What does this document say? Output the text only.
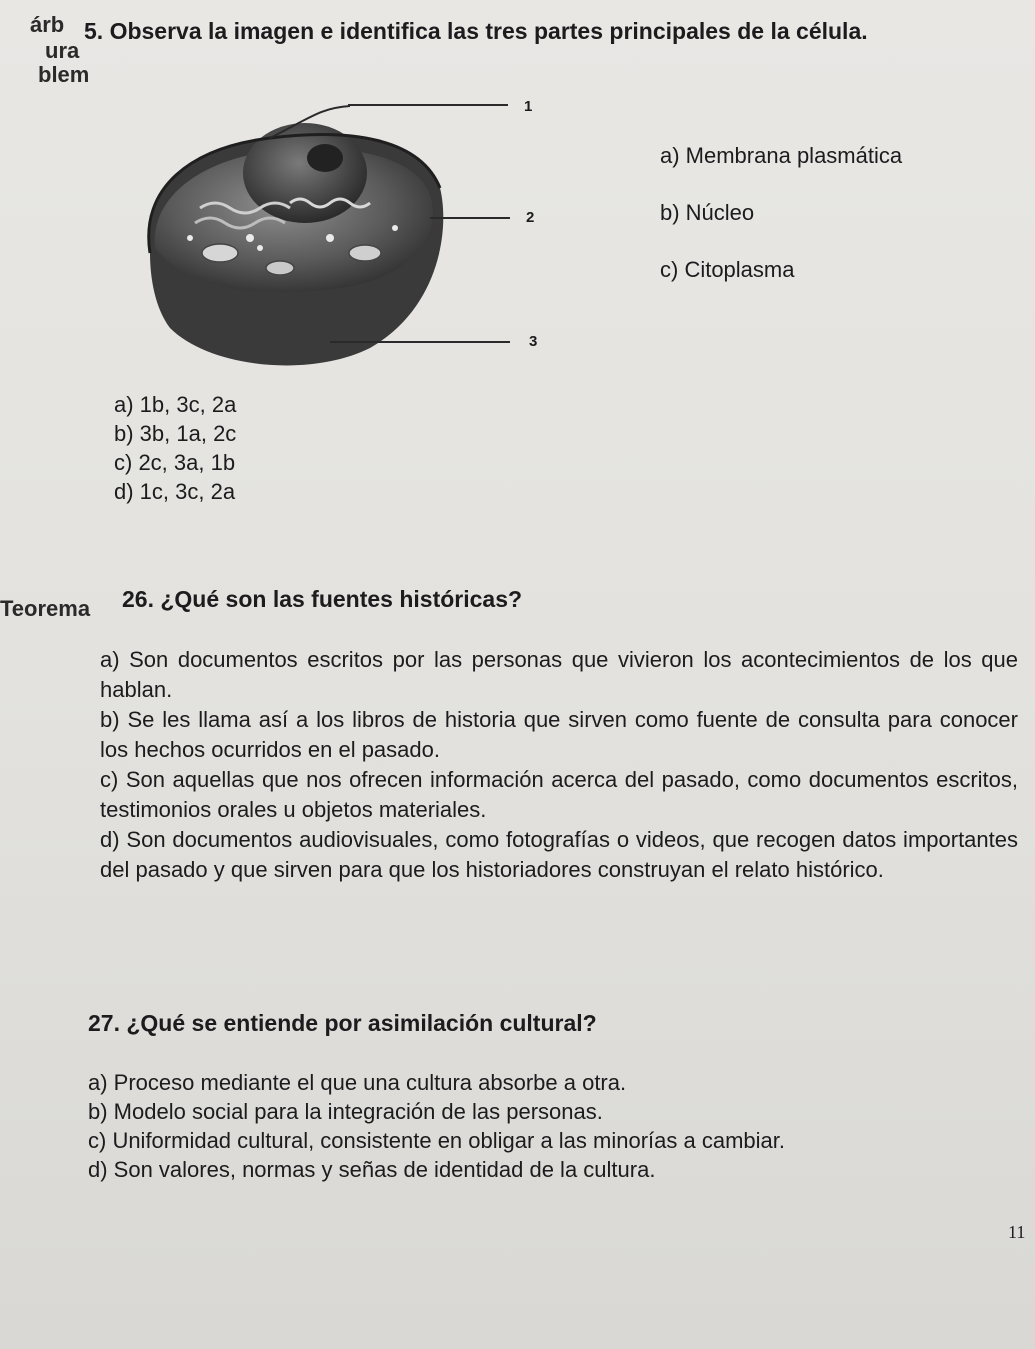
árb
ura
blem
5. Observa la imagen e identifica las tres partes principales de la célula.
1
2
3
a) Membrana plasmática
b) Núcleo
c) Citoplasma
a) 1b, 3c, 2a
b) 3b, 1a, 2c
c) 2c, 3a, 1b
d) 1c, 3c, 2a
Teorema 26. ¿Qué son las fuentes históricas?
a) Son documentos escritos por las personas que vivieron los acontecimientos de los que hablan.
b) Se les llama así a los libros de historia que sirven como fuente de consulta para conocer los hechos ocurridos en el pasado.
c) Son aquellas que nos ofrecen información acerca del pasado, como documentos escritos, testimonios orales u objetos materiales.
d) Son documentos audiovisuales, como fotografías o videos, que recogen datos importantes del pasado y que sirven para que los historiadores construyan el relato histórico.
27. ¿Qué se entiende por asimilación cultural?
a) Proceso mediante el que una cultura absorbe a otra.
b) Modelo social para la integración de las personas.
c) Uniformidad cultural, consistente en obligar a las minorías a cambiar.
d) Son valores, normas y señas de identidad de la cultura.
11
